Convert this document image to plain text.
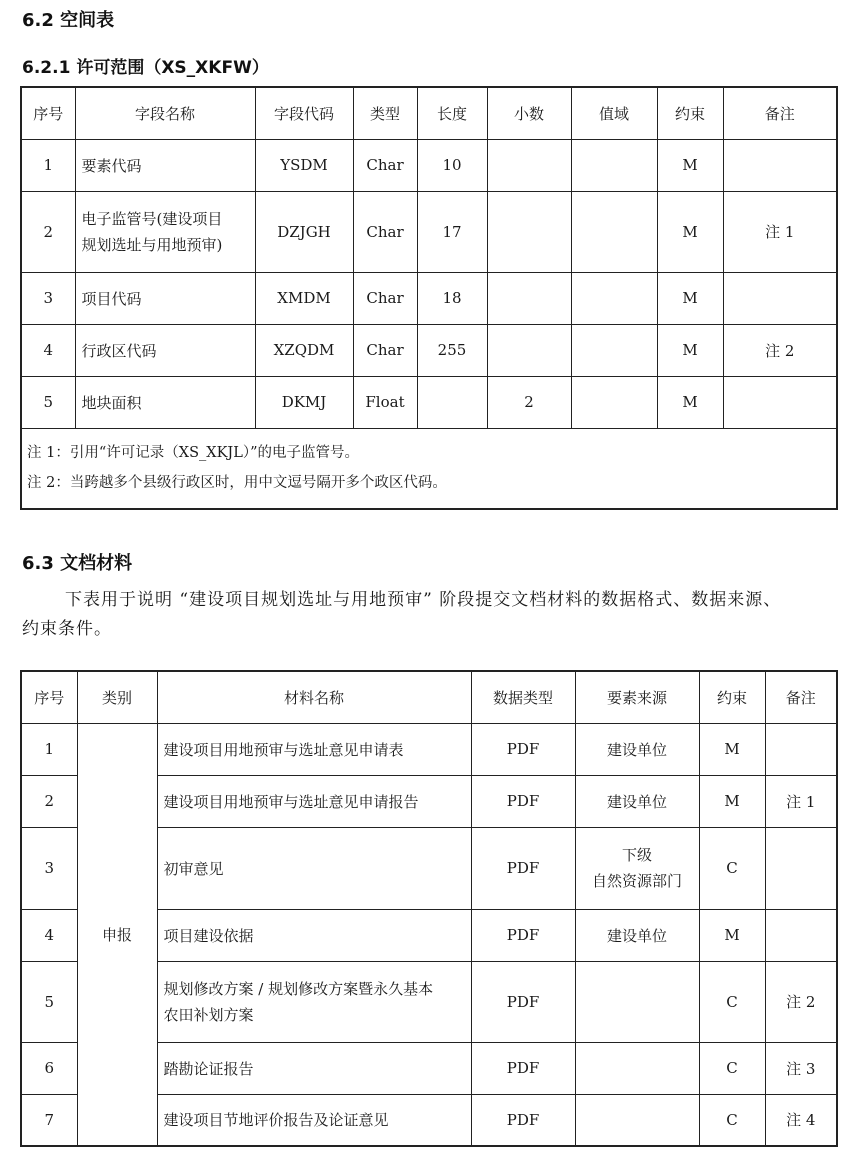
6.2 空间表
6.2.1 许可范围（XS_XKFW）
序号	字段名称	字段代码	类型	长度	小数	值域	约束	备注
1	要素代码	YSDM	Char	10			M	
2	电子监管号(建设项目
规划选址与用地预审)	DZJGH	Char	17			M	注 1
3	项目代码	XMDM	Char	18			M	
4	行政区代码	XZQDM	Char	255			M	注 2
5	地块面积	DKMJ	Float		2		M	
注 1：引用“许可记录（XS_XKJL）”的电子监管号。
注 2：当跨越多个县级行政区时，用中文逗号隔开多个政区代码。								
6.3 文档材料
下表用于说明 “建设项目规划选址与用地预审” 阶段提交文档材料的数据格式、数据来源、
约束条件。
序号	类别	材料名称	数据类型	要素来源	约束	备注
1	申报	建设项目用地预审与选址意见申请表	PDF	建设单位	M	
2		建设项目用地预审与选址意见申请报告	PDF	建设单位	M	注 1
3		初审意见	PDF	下级
自然资源部门	C	
4		项目建设依据	PDF	建设单位	M	
5		规划修改方案 / 规划修改方案暨永久基本
农田补划方案	PDF		C	注 2
6		踏勘论证报告	PDF		C	注 3
7		建设项目节地评价报告及论证意见	PDF		C	注 4
